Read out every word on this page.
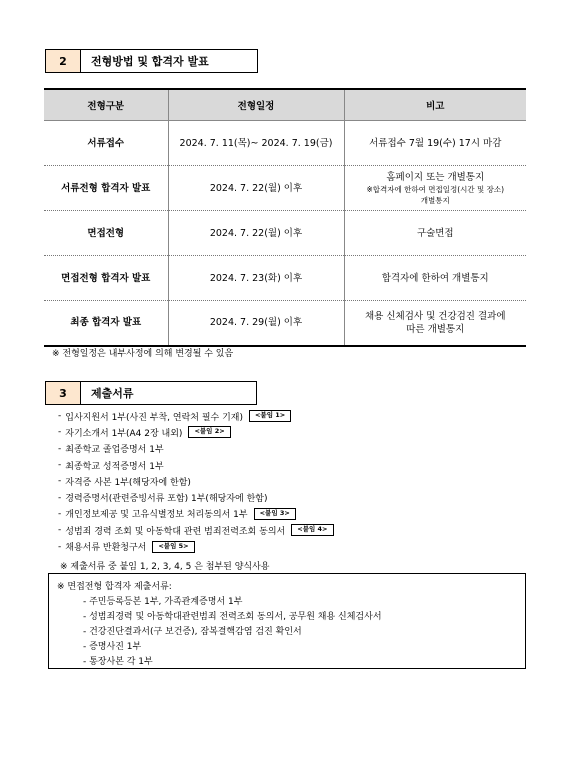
2	전형방법 및 합격자 발표
전형구분	전형일정	비고
서류접수	2024. 7. 11(목)~ 2024. 7. 19(금)	서류접수 7월 19(수) 17시 마감
서류전형 합격자 발표	2024. 7. 22(월) 이후	홈페이지 또는 개별통지
※합격자에 한하여 면접일정(시간 및 장소)
개별통지

면접전형	2024. 7. 22(월) 이후	구술면접
면접전형 합격자 발표	2024. 7. 23(화) 이후	합격자에 한하여 개별통지
최종 합격자 발표	2024. 7. 29(월) 이후	채용 신체검사 및 건강검진 결과에
따른 개별통지
※ 전형일정은 내부사정에 의해 변경될 수 있음
3	제출서류
- 입사지원서 1부(사진 부착, 연락처 필수 기재)	<붙임 1>
- 자기소개서 1부(A4 2장 내외)	<붙임 2>
- 최종학교 졸업증명서 1부
- 최종학교 성적증명서 1부
- 자격증 사본 1부(해당자에 한함)
- 경력증명서(관련증빙서류 포함) 1부(해당자에 한함)
- 개인정보제공 및 고유식별정보 처리동의서 1부	<붙임 3>
- 성범죄 경력 조회 및 아동학대 관련 범죄전력조회 동의서	<붙임 4>
- 채용서류 반환청구서	<붙임 5>
※ 제출서류 중 붙임 1, 2, 3, 4, 5 은 첨부된 양식사용
※ 면접전형 합격자 제출서류:
- 주민등록등본 1부, 가족관계증명서 1부
- 성범죄경력 및 아동학대관련범죄 전력조회 동의서, 공무원 채용 신체검사서
- 건강진단결과서(구 보건증), 잠복결핵감염 검진 확인서
- 증명사진 1부
- 통장사본 각 1부
